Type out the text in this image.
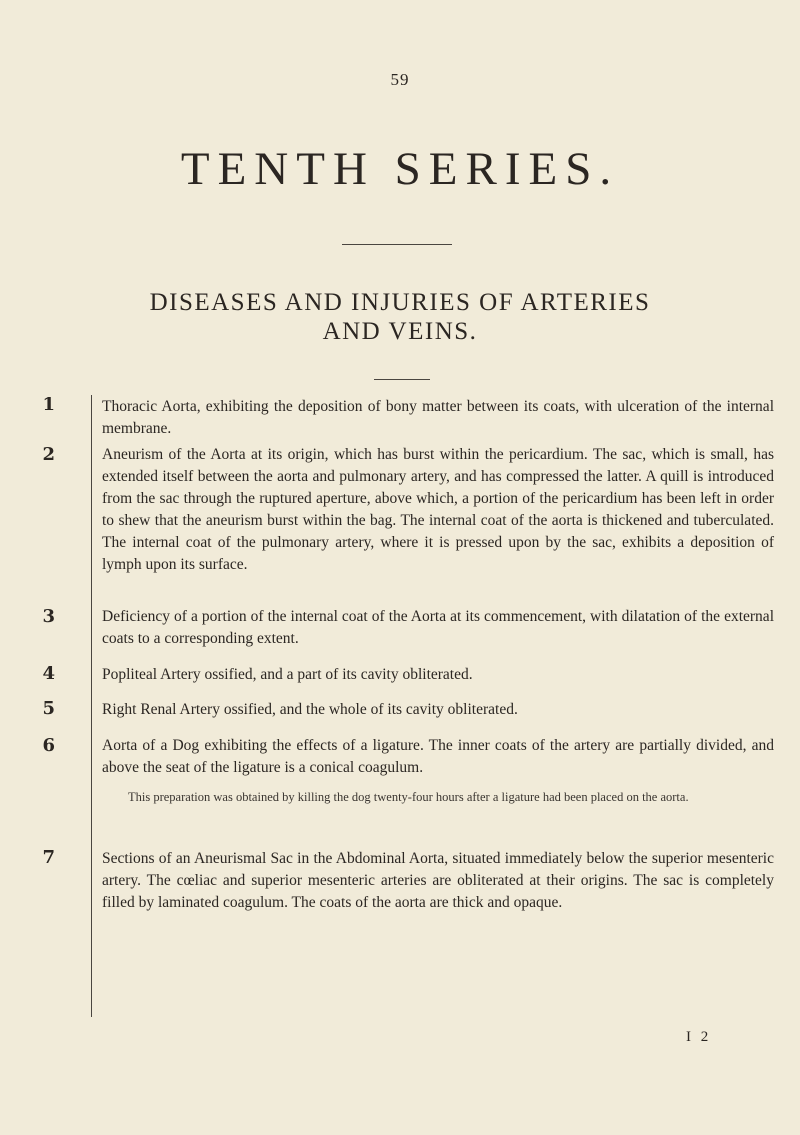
59
TENTH SERIES.
DISEASES AND INJURIES OF ARTERIES
AND VEINS.
1	Thoracic Aorta, exhibiting the deposition of bony matter between its coats, with ulceration of the internal membrane.
2	Aneurism of the Aorta at its origin, which has burst within the pericardium. The sac, which is small, has extended itself between the aorta and pulmonary artery, and has compressed the latter. A quill is introduced from the sac through the ruptured aperture, above which, a portion of the pericardium has been left in order to shew that the aneurism burst within the bag. The internal coat of the aorta is thickened and tuberculated. The internal coat of the pulmonary artery, where it is pressed upon by the sac, exhibits a deposition of lymph upon its surface.
3	Deficiency of a portion of the internal coat of the Aorta at its commencement, with dilatation of the external coats to a corresponding extent.
4	Popliteal Artery ossified, and a part of its cavity obliterated.
5	Right Renal Artery ossified, and the whole of its cavity obliterated.
6	Aorta of a Dog exhibiting the effects of a ligature. The inner coats of the artery are partially divided, and above the seat of the ligature is a conical coagulum.
This preparation was obtained by killing the dog twenty-four hours after a ligature had been placed on the aorta.
7	Sections of an Aneurismal Sac in the Abdominal Aorta, situated immediately below the superior mesenteric artery. The cœliac and superior mesenteric arteries are obliterated at their origins. The sac is completely filled by laminated coagulum. The coats of the aorta are thick and opaque.
I 2
